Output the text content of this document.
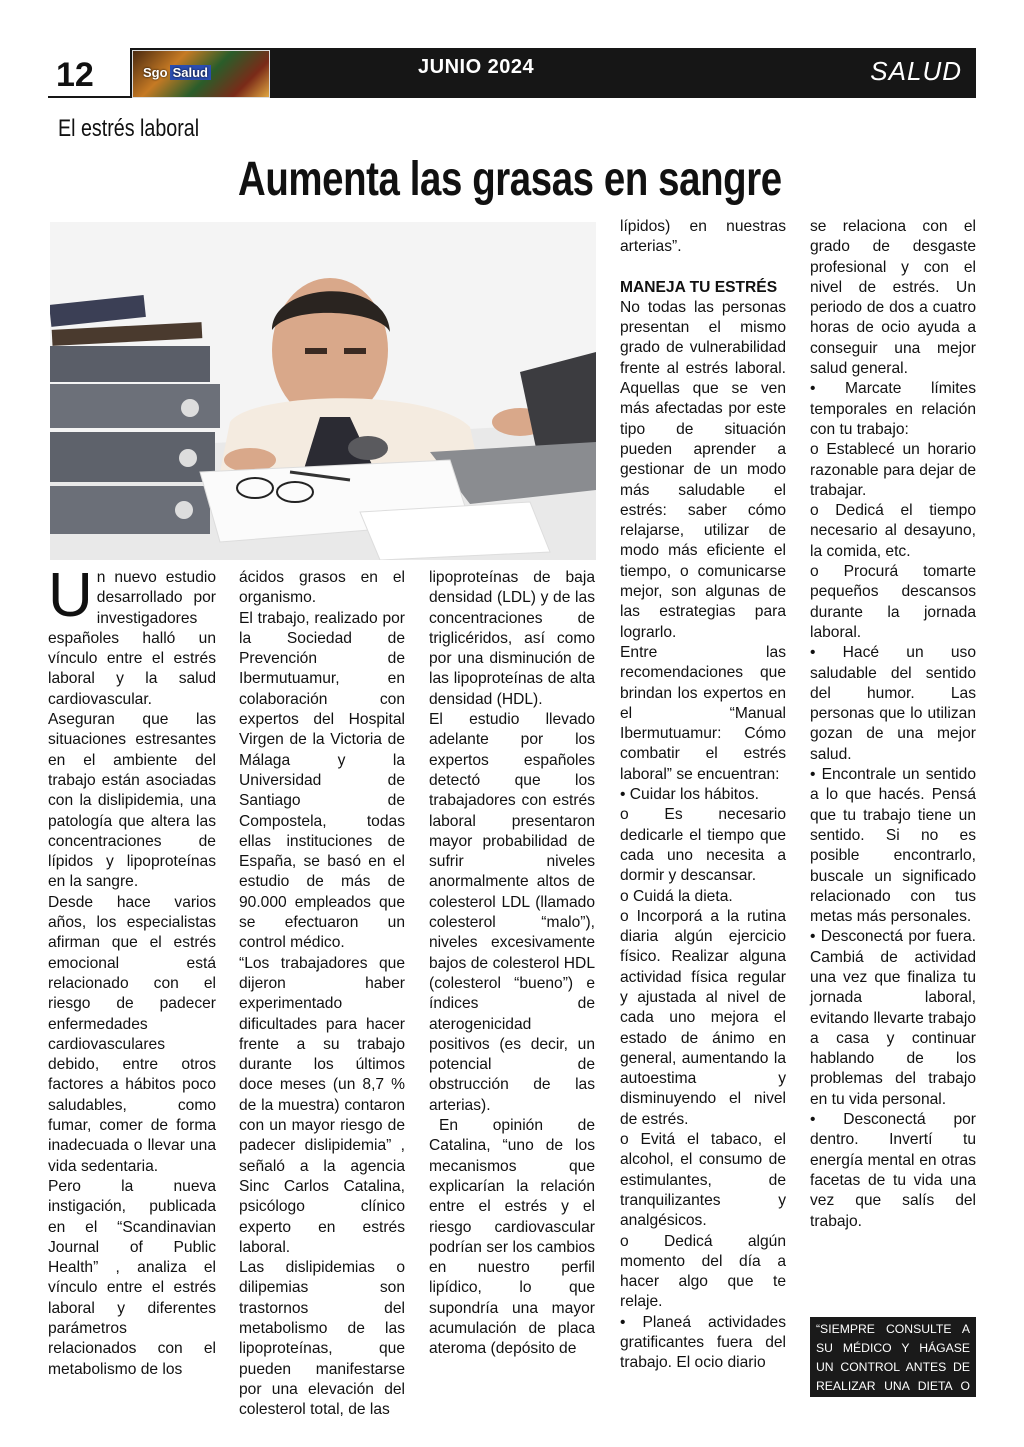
12	Sgo Salud	JUNIO 2024	SALUD
El estrés laboral
Aumenta las grasas en sangre

Un nuevo estudio desarrollado por investigadores españoles halló un vínculo entre el estrés laboral y la salud cardiovascular. Aseguran que las situaciones estresantes en el ambiente del trabajo están asociadas con la dislipidemia, una patología que altera las concentraciones de lípidos y lipoproteínas en la sangre.

Desde hace varios años, los especialistas afirman que el estrés emocional está relacionado con el riesgo de padecer enfermedades cardiovasculares debido, entre otros factores a hábitos poco saludables, como fumar, comer de forma inadecuada o llevar una vida sedentaria.

Pero la nueva instigación, publicada en el “Scandinavian Journal of Public Health” , analiza el vínculo entre el estrés laboral y diferentes parámetros relacionados con el metabolismo de los

ácidos grasos en el organismo.

El trabajo, realizado por la Sociedad de Prevención de Ibermutuamur, en colaboración con expertos del Hospital Virgen de la Victoria de Málaga y la Universidad de Santiago de Compostela, todas ellas instituciones de España, se basó en el estudio de más de 90.000 empleados que se efectuaron un control médico.

“Los trabajadores que dijeron haber experimentado dificultades para hacer frente a su trabajo durante los últimos doce meses (un 8,7 % de la muestra) contaron con un mayor riesgo de padecer dislipidemia” , señaló a la agencia Sinc Carlos Catalina, psicólogo clínico experto en estrés laboral.

Las dislipidemias o dilipemias son trastornos del metabolismo de las lipoproteínas, que pueden manifestarse por una elevación del colesterol total, de las

lipoproteínas de baja densidad (LDL) y de las concentraciones de triglicéridos, así como por una disminución de las lipoproteínas de alta densidad (HDL).

El estudio llevado adelante por los expertos españoles detectó que los trabajadores con estrés laboral presentaron mayor probabilidad de sufrir niveles anormalmente altos de colesterol LDL (llamado colesterol “malo”), niveles excesivamente bajos de colesterol HDL (colesterol “bueno”) e índices de aterogenicidad positivos (es decir, un potencial de obstrucción de las arterias).

En opinión de Catalina, “uno de los mecanismos que explicarían la relación entre el estrés y el riesgo cardiovascular podrían ser los cambios en nuestro perfil lipídico, lo que supondría una mayor acumulación de placa ateroma (depósito de

lípidos) en nuestras arterias”.

MANEJA TU ESTRÉS

No todas las personas presentan el mismo grado de vulnerabilidad frente al estrés laboral. Aquellas que se ven más afectadas por este tipo de situación pueden aprender a gestionar de un modo más saludable el estrés: saber cómo relajarse, utilizar de modo más eficiente el tiempo, o comunicarse mejor, son algunas de las estrategias para lograrlo.

Entre las recomendaciones que brindan los expertos en el “Manual Ibermutuamur: Cómo combatir el estrés laboral” se encuentran:

• Cuidar los hábitos.

o Es necesario dedicarle el tiempo que cada uno necesita a dormir y descansar.

o Cuidá la dieta.

o Incorporá a la rutina diaria algún ejercicio físico. Realizar alguna actividad física regular y ajustada al nivel de cada uno mejora el estado de ánimo en general, aumentando la autoestima y disminuyendo el nivel de estrés.

o Evitá el tabaco, el alcohol, el consumo de estimulantes, de tranquilizantes y analgésicos.

o Dedicá algún momento del día a hacer algo que te relaje.

• Planeá actividades gratificantes fuera del trabajo. El ocio diario

se relaciona con el grado de desgaste profesional y con el nivel de estrés. Un periodo de dos a cuatro horas de ocio ayuda a conseguir una mejor salud general.

• Marcate límites temporales en relación con tu trabajo:

o Establecé un horario razonable para dejar de trabajar.

o Dedicá el tiempo necesario al desayuno, la comida, etc.

o Procurá tomarte pequeños descansos durante la jornada laboral.

• Hacé un uso saludable del sentido del humor. Las personas que lo utilizan gozan de una mejor salud.

• Encontrale un sentido a lo que hacés. Pensá que tu trabajo tiene un sentido. Si no es posible encontrarlo, buscale un significado relacionado con tus metas más personales.

• Desconectá por fuera. Cambiá de actividad una vez que finaliza tu jornada laboral, evitando llevarte trabajo a casa y continuar hablando de los problemas del trabajo en tu vida personal.

• Desconectá por dentro. Invertí tu energía mental en otras facetas de tu vida una vez que salís del trabajo.

“SIEMPRE CONSULTE A SU MÉDICO Y HÁGASE UN CONTROL ANTES DE REALIZAR UNA DIETA O ACTIVADAD FÍSICA”
